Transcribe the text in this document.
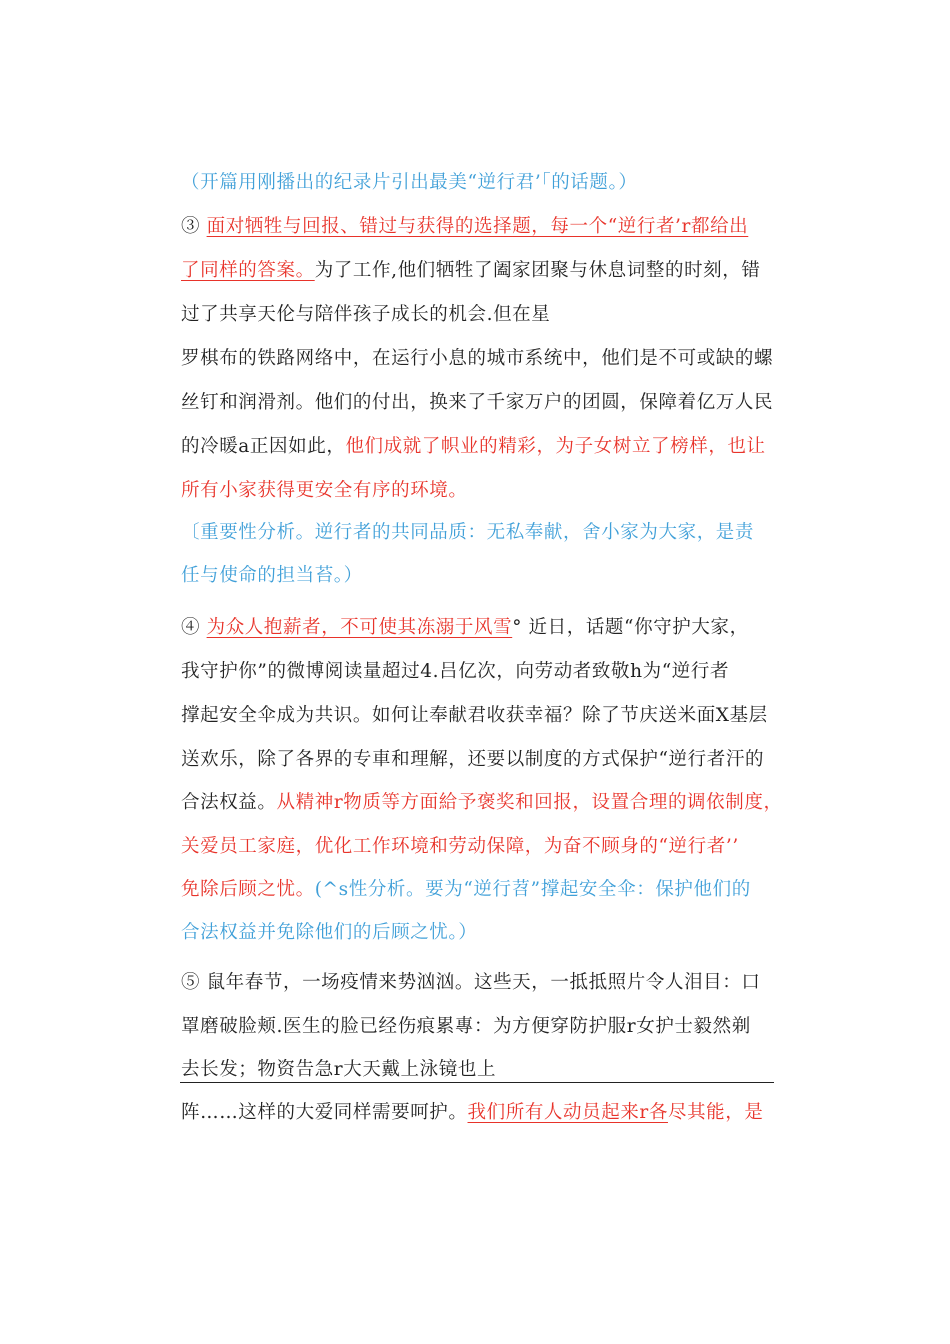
（开篇用刚播出的纪录片引出最美“逆行君’「的话题。）
③ 面对牺牲与回报、错过与获得的选择题，每一个“逆行者’r都给出
了同样的答案。为了工作,他们牺牲了阖家团聚与休息词整的时刻，错
过了共享天伦与陪伴孩子成长的机会.但在星
罗棋布的铁路网络中，在运行小息的城市系统中，他们是不可或缺的螺
丝钉和润滑剂。他们的付出，换来了千家万户的团圆，保障着亿万人民
的冷暖a正因如此，他们成就了帜业的精彩，为子女树立了榜样，也让
所有小家获得更安全有序的环境。
〔重要性分析。逆行者的共同品质：无私奉献，舍小家为大家，是责
任与使命的担当苔。）
④ 为众人抱薪者，不可使其冻溺于风雪° 近日，话题“你守护大家，
我守护你”的微博阅读量超过4.吕亿次，向劳动者致敬h为“逆行者
撑起安全伞成为共识。如何让奉献君收获幸福？除了节庆送米面X基层
送欢乐，除了各界的专車和理解，还要以制度的方式保护“逆行者汗的
合法权益。从精神r物质等方面給予褒奖和回报，设置合理的调依制度，
关爱员工家庭，优化工作环境和劳动保障，为奋不顾身的“逆行者’’
免除后顾之忧。(^s性分析。要为“逆行苕”撑起安全伞：保护他们的
合法权益并免除他们的后顾之忧。）
⑤ 鼠年春节，一场疫情来势汹汹。这些天，一抵抵照片令人泪目：口
罩磨破脸颊.医生的脸已经伤痕累專：为方便穿防护服r女护士毅然剃
去长发；物资告急r大天戴上泳镜也上
阵……这样的大爱同样需要呵护。我们所有人动员起来r各尽其能，是
